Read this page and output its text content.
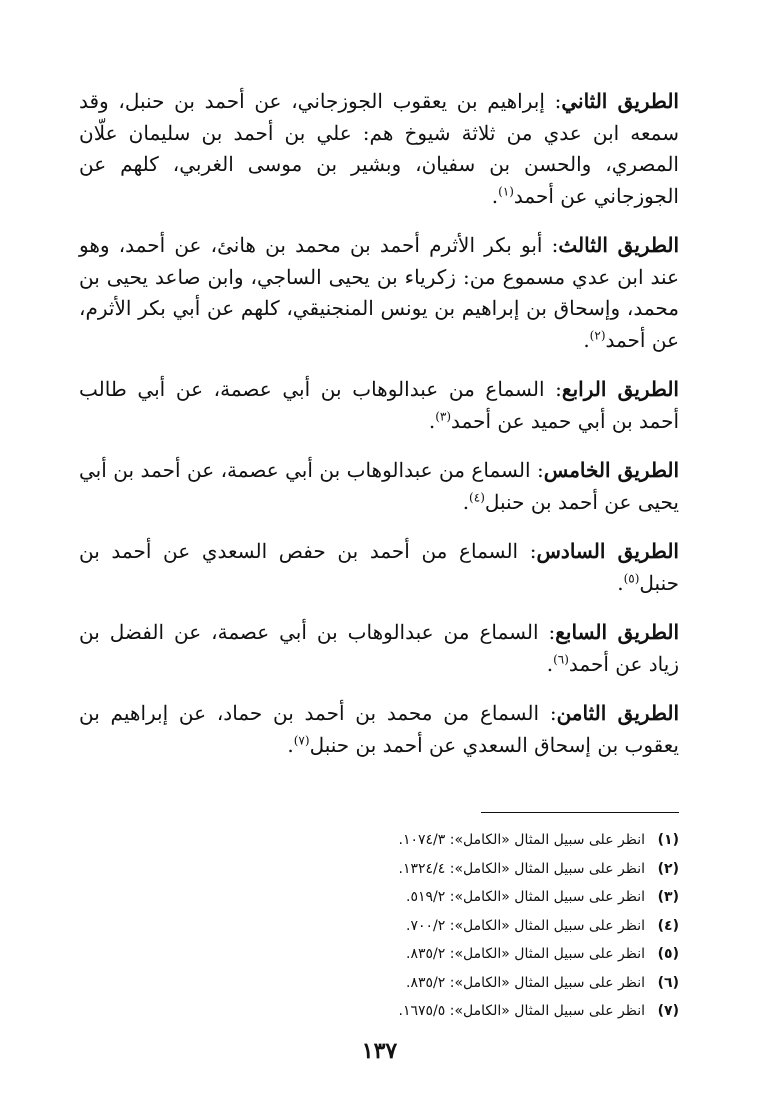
الطريق الثاني: إبراهيم بن يعقوب الجوزجاني، عن أحمد بن حنبل، وقد سمعه ابن عدي من ثلاثة شيوخ هم: علي بن أحمد بن سليمان علّان المصري، والحسن بن سفيان، وبشير بن موسى الغربي، كلهم عن الجوزجاني عن أحمد$^{(١)}$.

الطريق الثالث: أبو بكر الأثرم أحمد بن محمد بن هانئ، عن أحمد، وهو عند ابن عدي مسموع من: زكرياء بن يحيى الساجي، وابن صاعد يحيى بن محمد، وإسحاق بن إبراهيم بن يونس المنجنيقي، كلهم عن أبي بكر الأثرم، عن أحمد$^{(٢)}$.

الطريق الرابع: السماع من عبدالوهاب بن أبي عصمة، عن أبي طالب أحمد بن أبي حميد عن أحمد$^{(٣)}$.

الطريق الخامس: السماع من عبدالوهاب بن أبي عصمة، عن أحمد بن أبي يحيى عن أحمد بن حنبل$^{(٤)}$.

الطريق السادس: السماع من أحمد بن حفص السعدي عن أحمد بن حنبل$^{(٥)}$.

الطريق السابع: السماع من عبدالوهاب بن أبي عصمة، عن الفضل بن زياد عن أحمد$^{(٦)}$.

الطريق الثامن: السماع من محمد بن أحمد بن حماد، عن إبراهيم بن يعقوب بن إسحاق السعدي عن أحمد بن حنبل$^{(٧)}$.

(١)انظر على سبيل المثال «الكامل»: ١٠٧٤/٣.
(٢)انظر على سبيل المثال «الكامل»: ١٣٢٤/٤.
(٣)انظر على سبيل المثال «الكامل»: ٥١٩/٢.
(٤)انظر على سبيل المثال «الكامل»: ٧٠٠/٢.
(٥)انظر على سبيل المثال «الكامل»: ٨٣٥/٢.
(٦)انظر على سبيل المثال «الكامل»: ٨٣٥/٢.
(٧)انظر على سبيل المثال «الكامل»: ١٦٧٥/٥.
١٣٧
